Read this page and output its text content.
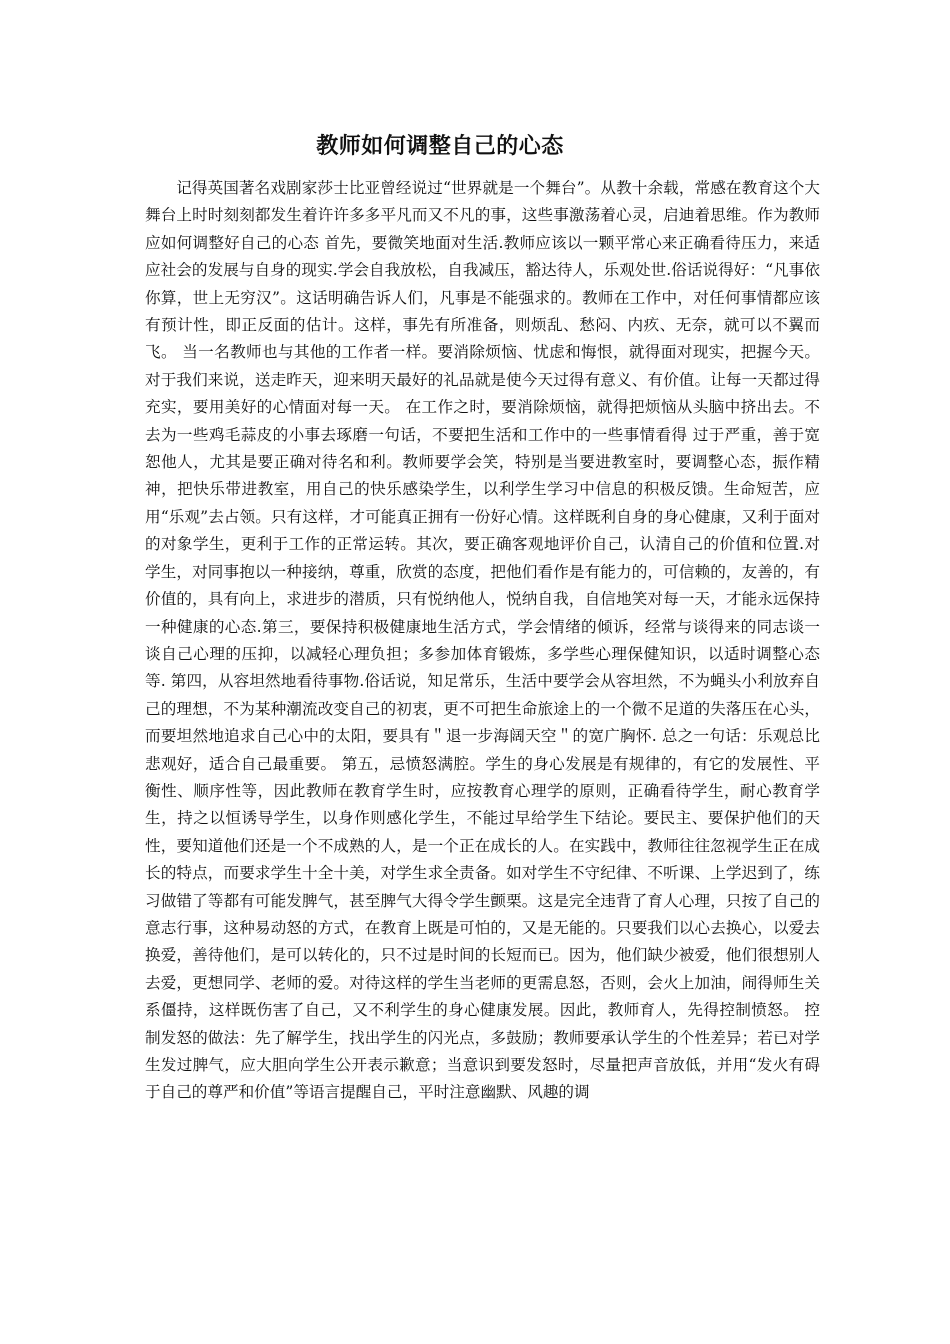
教师如何调整自己的心态

记得英国著名戏剧家莎士比亚曾经说过“世界就是一个舞台”。从教十余载，常感在教育这个大舞台上时时刻刻都发生着许许多多平凡而又不凡的事，这些事激荡着心灵，启迪着思维。作为教师应如何调整好自己的心态 首先，要微笑地面对生活.教师应该以一颗平常心来正确看待压力，来适应社会的发展与自身的现实.学会自我放松，自我减压，豁达待人，乐观处世.俗话说得好：“凡事依你算，世上无穷汉”。这话明确告诉人们，凡事是不能强求的。教师在工作中，对任何事情都应该有预计性，即正反面的估计。这样，事先有所准备，则烦乱、愁闷、内疚、无奈，就可以不翼而飞。 当一名教师也与其他的工作者一样。要消除烦恼、忧虑和悔恨，就得面对现实，把握今天。对于我们来说，送走昨天，迎来明天最好的礼品就是使今天过得有意义、有价值。让每一天都过得充实，要用美好的心情面对每一天。 在工作之时，要消除烦恼，就得把烦恼从头脑中挤出去。不去为一些鸡毛蒜皮的小事去琢磨一句话，不要把生活和工作中的一些事情看得 过于严重，善于宽恕他人，尤其是要正确对待名和利。教师要学会笑，特别是当要进教室时，要调整心态，振作精神，把快乐带进教室，用自己的快乐感染学生，以利学生学习中信息的积极反馈。生命短苦，应用“乐观”去占领。只有这样，才可能真正拥有一份好心情。这样既利自身的身心健康，又利于面对的对象学生，更利于工作的正常运转。其次，要正确客观地评价自己，认清自己的价值和位置.对学生，对同事抱以一种接纳，尊重，欣赏的态度，把他们看作是有能力的，可信赖的，友善的，有价值的，具有向上，求进步的潜质，只有悦纳他人，悦纳自我，自信地笑对每一天，才能永远保持一种健康的心态.第三，要保持积极健康地生活方式，学会情绪的倾诉，经常与谈得来的同志谈一谈自己心理的压抑，以减轻心理负担；多参加体育锻炼，多学些心理保健知识，以适时调整心态等. 第四，从容坦然地看待事物.俗话说，知足常乐，生活中要学会从容坦然，不为蝇头小利放弃自己的理想，不为某种潮流改变自己的初衷，更不可把生命旅途上的一个微不足道的失落压在心头，而要坦然地追求自己心中的太阳，要具有＂退一步海阔天空＂的宽广胸怀. 总之一句话：乐观总比悲观好，适合自己最重要。 第五，忌愤怒满腔。学生的身心发展是有规律的，有它的发展性、平衡性、顺序性等，因此教师在教育学生时，应按教育心理学的原则，正确看待学生，耐心教育学生，持之以恒诱导学生，以身作则感化学生，不能过早给学生下结论。要民主、要保护他们的天性，要知道他们还是一个不成熟的人，是一个正在成长的人。在实践中，教师往往忽视学生正在成长的特点，而要求学生十全十美，对学生求全责备。如对学生不守纪律、不听课、上学迟到了，练习做错了等都有可能发脾气，甚至脾气大得令学生颤栗。这是完全违背了育人心理，只按了自己的意志行事，这种易动怒的方式，在教育上既是可怕的，又是无能的。只要我们以心去换心，以爱去换爱，善待他们，是可以转化的，只不过是时间的长短而已。因为，他们缺少被爱，他们很想别人去爱，更想同学、老师的爱。对待这样的学生当老师的更需息怒，否则，会火上加油，闹得师生关系僵持，这样既伤害了自己，又不利学生的身心健康发展。因此，教师育人，先得控制愤怒。 控制发怒的做法：先了解学生，找出学生的闪光点，多鼓励；教师要承认学生的个性差异；若已对学生发过脾气，应大胆向学生公开表示歉意；当意识到要发怒时，尽量把声音放低，并用“发火有碍于自己的尊严和价值”等语言提醒自己，平时注意幽默、风趣的调
